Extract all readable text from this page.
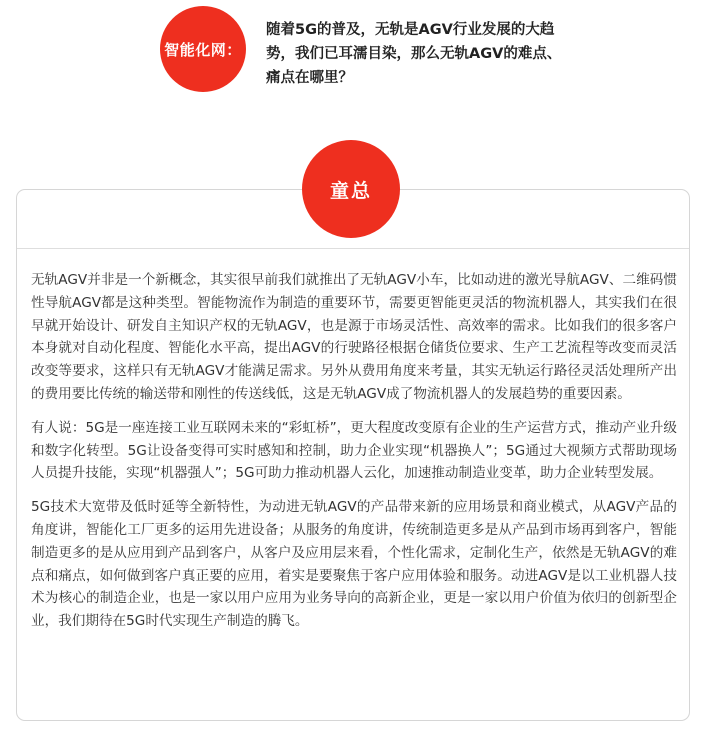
智能化网：
随着5G的普及，无轨是AGV行业发展的大趋势，我们已耳濡目染，那么无轨AGV的难点、痛点在哪里？
童总

无轨AGV并非是一个新概念，其实很早前我们就推出了无轨AGV小车，比如动进的激光导航AGV、二维码惯性导航AGV都是这种类型。智能物流作为制造的重要环节，需要更智能更灵活的物流机器人，其实我们在很早就开始设计、研发自主知识产权的无轨AGV，也是源于市场灵活性、高效率的需求。比如我们的很多客户本身就对自动化程度、智能化水平高，提出AGV的行驶路径根据仓储货位要求、生产工艺流程等改变而灵活改变等要求，这样只有无轨AGV才能满足需求。另外从费用角度来考量，其实无轨运行路径灵活处理所产出的费用要比传统的输送带和刚性的传送线低，这是无轨AGV成了物流机器人的发展趋势的重要因素。

有人说：5G是一座连接工业互联网未来的“彩虹桥”，更大程度改变原有企业的生产运营方式，推动产业升级和数字化转型。5G让设备变得可实时感知和控制，助力企业实现“机器换人”；5G通过大视频方式帮助现场人员提升技能，实现“机器强人”；5G可助力推动机器人云化，加速推动制造业变革，助力企业转型发展。

5G技术大宽带及低时延等全新特性，为动进无轨AGV的产品带来新的应用场景和商业模式，从AGV产品的角度讲，智能化工厂更多的运用先进设备；从服务的角度讲，传统制造更多是从产品到市场再到客户，智能制造更多的是从应用到产品到客户，从客户及应用层来看，个性化需求，定制化生产，依然是无轨AGV的难点和痛点，如何做到客户真正要的应用，着实是要聚焦于客户应用体验和服务。动进AGV是以工业机器人技术为核心的制造企业，也是一家以用户应用为业务导向的高新企业，更是一家以用户价值为依归的创新型企业，我们期待在5G时代实现生产制造的腾飞。
